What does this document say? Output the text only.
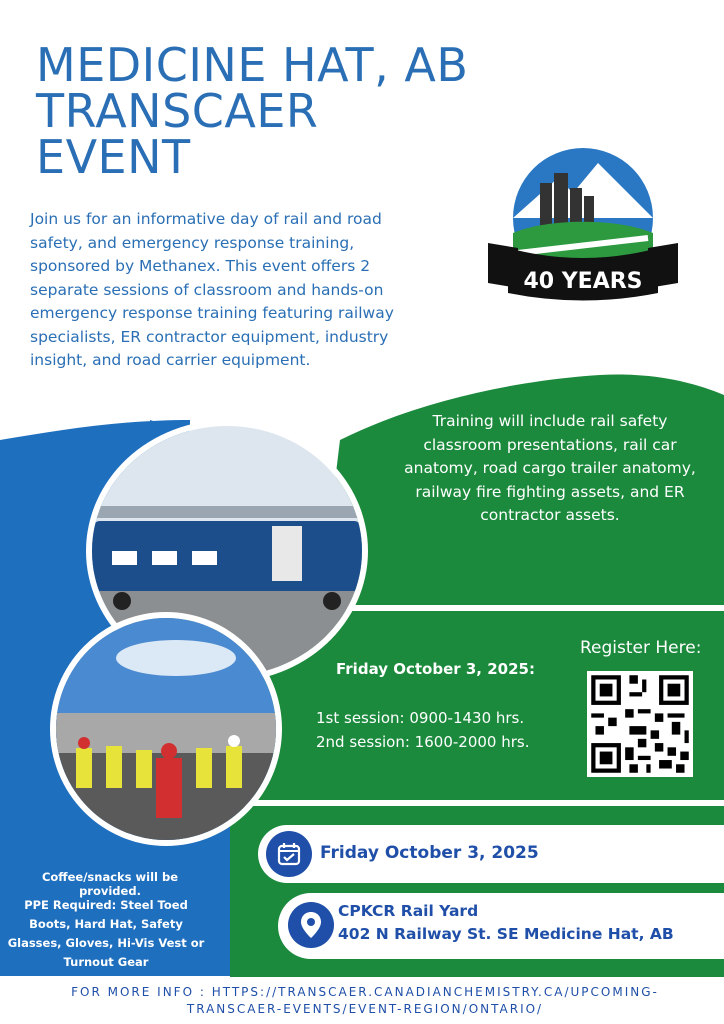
MEDICINE HAT, AB
TRANSCAER
EVENT
Join us for an informative day of rail and road safety, and emergency response training, sponsored by Methanex. This event offers 2 separate sessions of classroom and hands-on emergency response training featuring railway specialists, ER contractor equipment, industry insight, and road carrier equipment.
40 YEARS
Training will include rail safety classroom presentations, rail car anatomy, road cargo trailer anatomy, railway fire fighting assets, and ER contractor assets.
Register Here:
Friday October 3, 2025:
1st session: 0900-1430 hrs.
2nd session: 1600-2000 hrs.
Friday October 3, 2025
CPKCR Rail Yard
402 N Railway St. SE Medicine Hat, AB
Coffee/snacks will be provided.
PPE Required: Steel Toed Boots, Hard Hat, Safety Glasses, Gloves, Hi-Vis Vest or Turnout Gear
FOR MORE INFO : HTTPS://TRANSCAER.CANADIANCHEMISTRY.CA/UPCOMING-
TRANSCAER-EVENTS/EVENT-REGION/ONTARIO/
